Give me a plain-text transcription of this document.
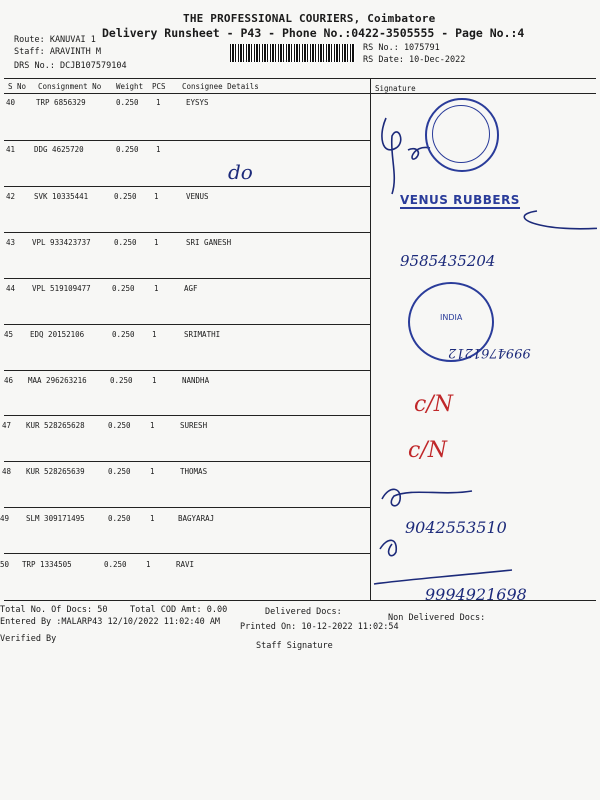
THE PROFESSIONAL COURIERS, Coimbatore
Delivery Runsheet - P43 - Phone No.:0422-3505555 - Page No.:4
Route: KANUVAI 1
Staff: ARAVINTH M
DRS No.: DCJB107579104
RS No.: 1075791
RS Date: 10-Dec-2022
S No Consignment No Weight PCS Consignee Details	Signature
40	TRP 6856329	0.250 1	EYSYS
41	DDG 4625720	0.250 1
42	SVK 10335441	0.250 1	VENUS
43 VPL 933423737	0.250 1	SRI GANESH
44 VPL 519109477	0.250	1	AGF
45 EDQ 20152106	0.250 1	SRIMATHI
46 MAA 296263216	0.250	1	NANDHA
47 KUR 528265628	0.250	1	SURESH
48 KUR 528265639	0.250	1	THOMAS
49 SLM 309171495	0.250	1	BAGYARAJ
50 TRP 1334505	0.250	1	RAVI
do
VENUS RUBBERS
9585435204
INDIA
9994761212
c/N
c/N
9042553510
9994921698
Total No. Of Docs: 50	Total COD Amt: 0.00	Delivered Docs:
Non Delivered Docs:
Entered By :MALARP43 12/10/2022 11:02:40 AM Printed On: 10-12-2022 11:02:54
Verified By
Staff Signature
